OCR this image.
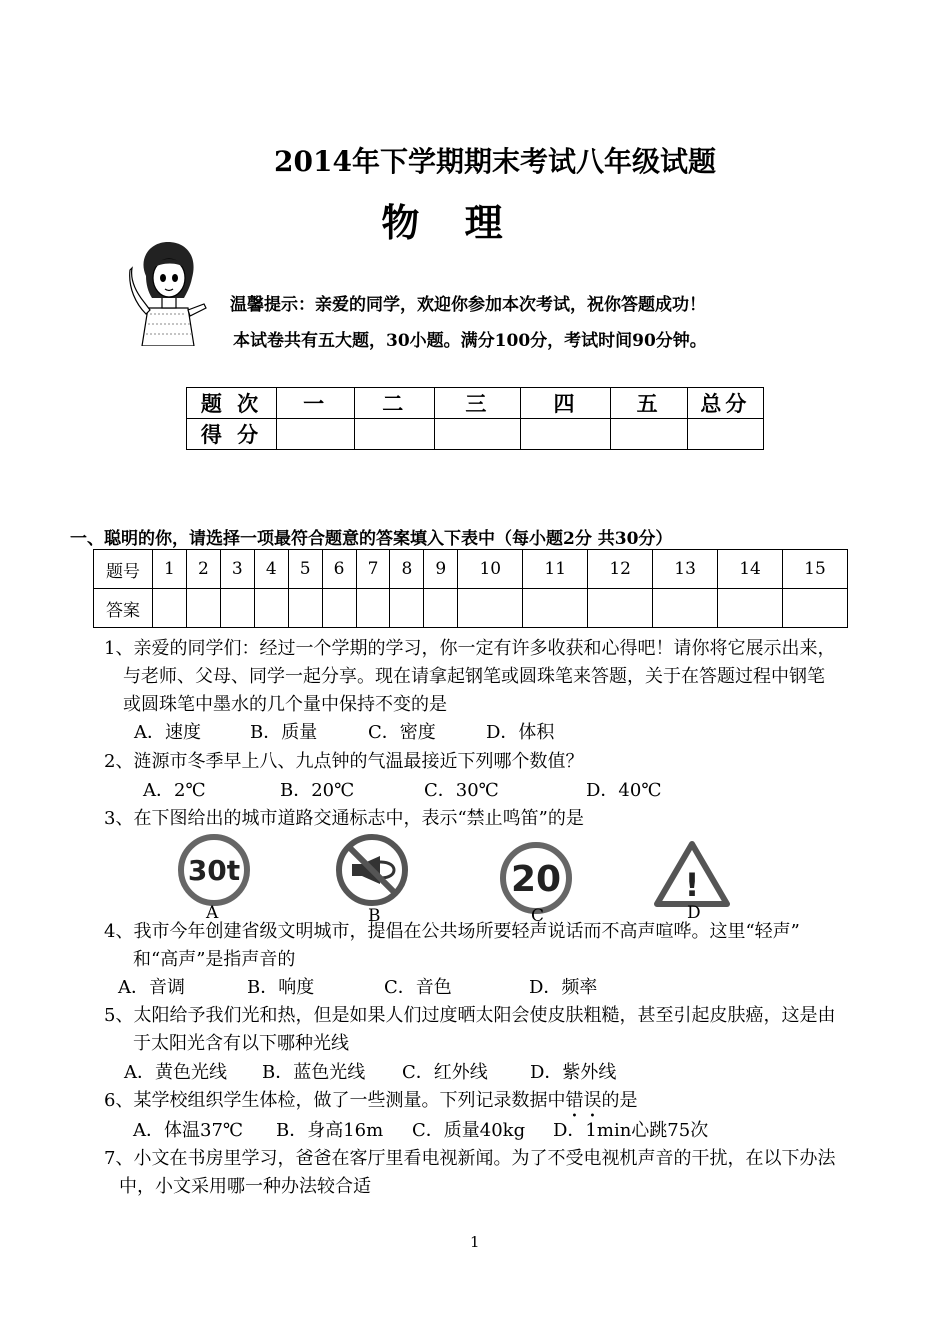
2014年下学期期末考试八年级试题
物 理
温馨提示：亲爱的同学，欢迎你参加本次考试，祝你答题成功！
本试卷共有五大题，30小题。满分100分，考试时间90分钟。
题 次	一	二	三	四	五	总分
得 分						
一、聪明的你，请选择一项最符合题意的答案填入下表中（每小题2分 共30分）
题号	1	2	3	4	5	6	7	8	9	10	11	12	13	14	15
答案															
1、亲爱的同学们：经过一个学期的学习，你一定有许多收获和心得吧！请你将它展示出来，
与老师、父母、同学一起分享。现在请拿起钢笔或圆珠笔来答题，关于在答题过程中钢笔
或圆珠笔中墨水的几个量中保持不变的是
A．速度	B．质量	C．密度	D．体积
2、涟源市冬季早上八、九点钟的气温最接近下列哪个数值？
A．2℃	B．20℃	C．30℃	D．40℃
3、在下图给出的城市道路交通标志中，表示“禁止鸣笛”的是
30t	20	!
A	B	C	D
4、我市今年创建省级文明城市，提倡在公共场所要轻声说话而不高声喧哗。这里“轻声”
和“高声”是指声音的
A．音调	B．响度	C．音色	D．频率
5、太阳给予我们光和热，但是如果人们过度晒太阳会使皮肤粗糙，甚至引起皮肤癌，这是由
于太阳光含有以下哪种光线
A．黄色光线 B．蓝色光线 C．红外线 D．紫外线
6、某学校组织学生体检，做了一些测量。下列记录数据中错误的是
A．体温37℃ B．身高16m C．质量40kg D．1min心跳75次
7、小文在书房里学习，爸爸在客厅里看电视新闻。为了不受电视机声音的干扰，在以下办法
中，小文采用哪一种办法较合适
1
